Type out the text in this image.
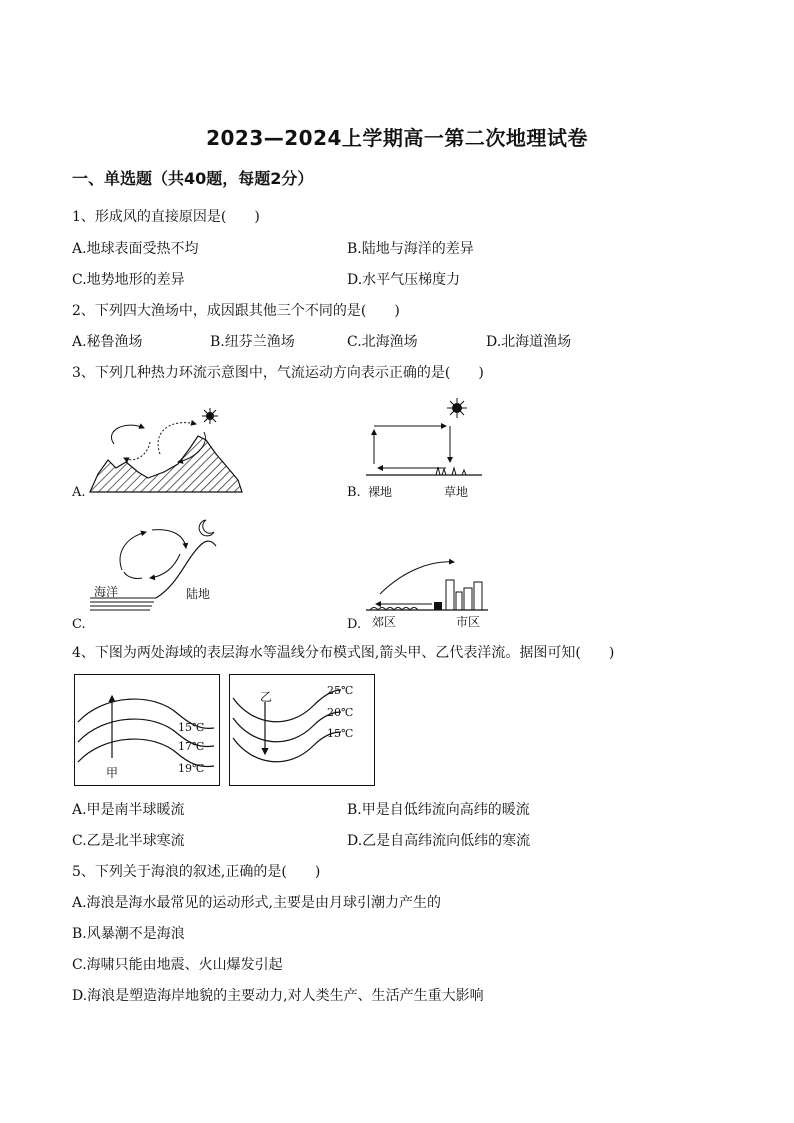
2023—2024上学期高一第二次地理试卷
一、单选题（共40题，每题2分）
1、形成风的直接原因是(　　)
A.地球表面受热不均	B.陆地与海洋的差异
C.地势地形的差异	D.水平气压梯度力
2、下列四大渔场中，成因跟其他三个不同的是(　　)
A.秘鲁渔场	B.纽芬兰渔场	C.北海渔场	D.北海道渔场
3、下列几种热力环流示意图中，气流运动方向表示正确的是(　　)
A.	B. 裸地	草地
C.
海洋	陆地
D. 郊区	市区
4、下图为两处海域的表层海水等温线分布模式图,箭头甲、乙代表洋流。据图可知(　　)
甲
15℃
17℃
19℃
乙	25℃
20℃
15℃
A.甲是南半球暖流	B.甲是自低纬流向高纬的暖流
C.乙是北半球寒流	D.乙是自高纬流向低纬的寒流
5、下列关于海浪的叙述,正确的是(　　)
A.海浪是海水最常见的运动形式,主要是由月球引潮力产生的
B.风暴潮不是海浪
C.海啸只能由地震、火山爆发引起
D.海浪是塑造海岸地貌的主要动力,对人类生产、生活产生重大影响
